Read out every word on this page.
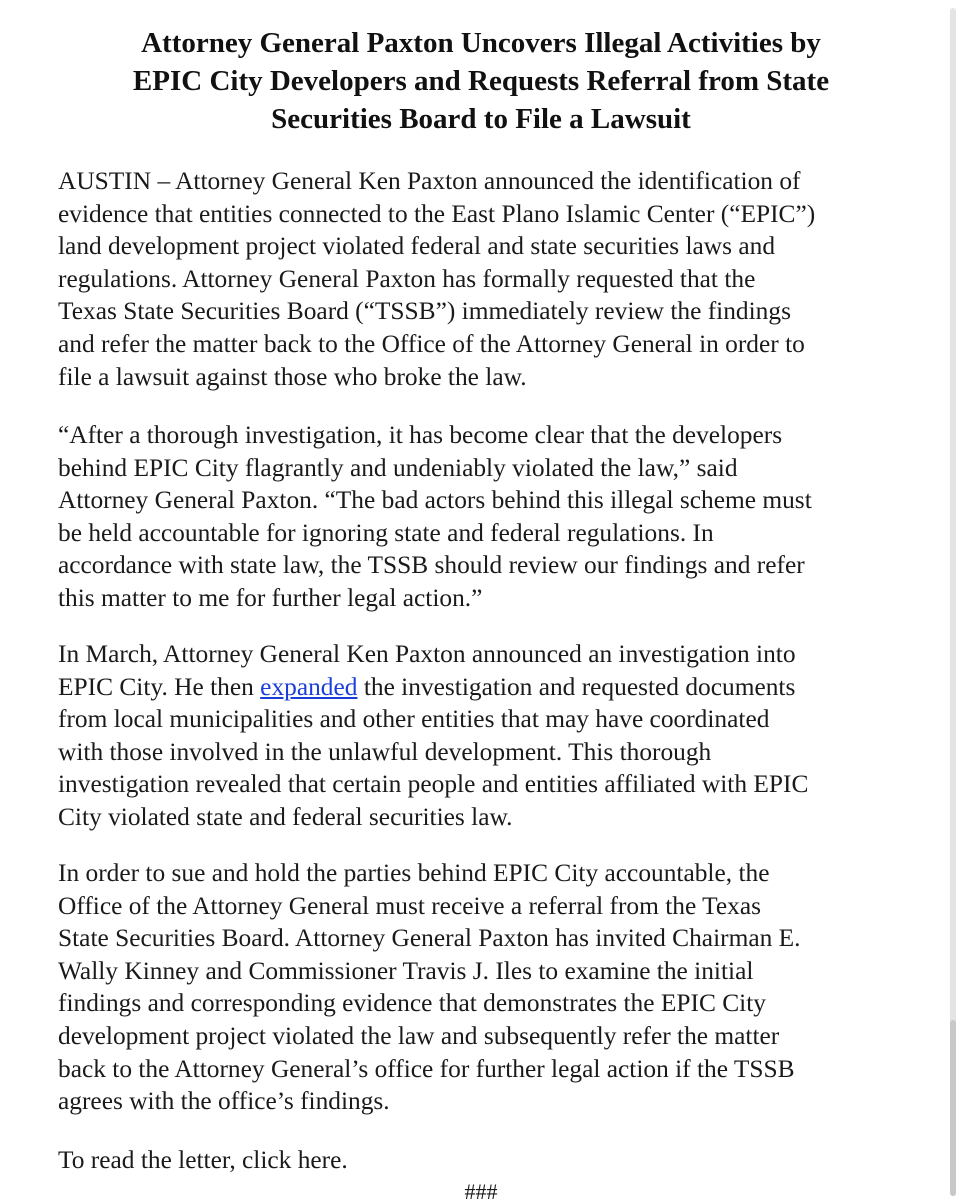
Attorney General Paxton Uncovers Illegal Activities by
EPIC City Developers and Requests Referral from State
Securities Board to File a Lawsuit

AUSTIN – Attorney General Ken Paxton announced the identification of
evidence that entities connected to the East Plano Islamic Center (“EPIC”)
land development project violated federal and state securities laws and
regulations. Attorney General Paxton has formally requested that the
Texas State Securities Board (“TSSB”) immediately review the findings
and refer the matter back to the Office of the Attorney General in order to
file a lawsuit against those who broke the law.

“After a thorough investigation, it has become clear that the developers
behind EPIC City flagrantly and undeniably violated the law,” said
Attorney General Paxton. “The bad actors behind this illegal scheme must
be held accountable for ignoring state and federal regulations. In
accordance with state law, the TSSB should review our findings and refer
this matter to me for further legal action.”

In March, Attorney General Ken Paxton announced an investigation into
EPIC City. He then expanded the investigation and requested documents
from local municipalities and other entities that may have coordinated
with those involved in the unlawful development. This thorough
investigation revealed that certain people and entities affiliated with EPIC
City violated state and federal securities law.

In order to sue and hold the parties behind EPIC City accountable, the
Office of the Attorney General must receive a referral from the Texas
State Securities Board. Attorney General Paxton has invited Chairman E.
Wally Kinney and Commissioner Travis J. Iles to examine the initial
findings and corresponding evidence that demonstrates the EPIC City
development project violated the law and subsequently refer the matter
back to the Attorney General’s office for further legal action if the TSSB
agrees with the office’s findings.

To read the letter, click here.

###
